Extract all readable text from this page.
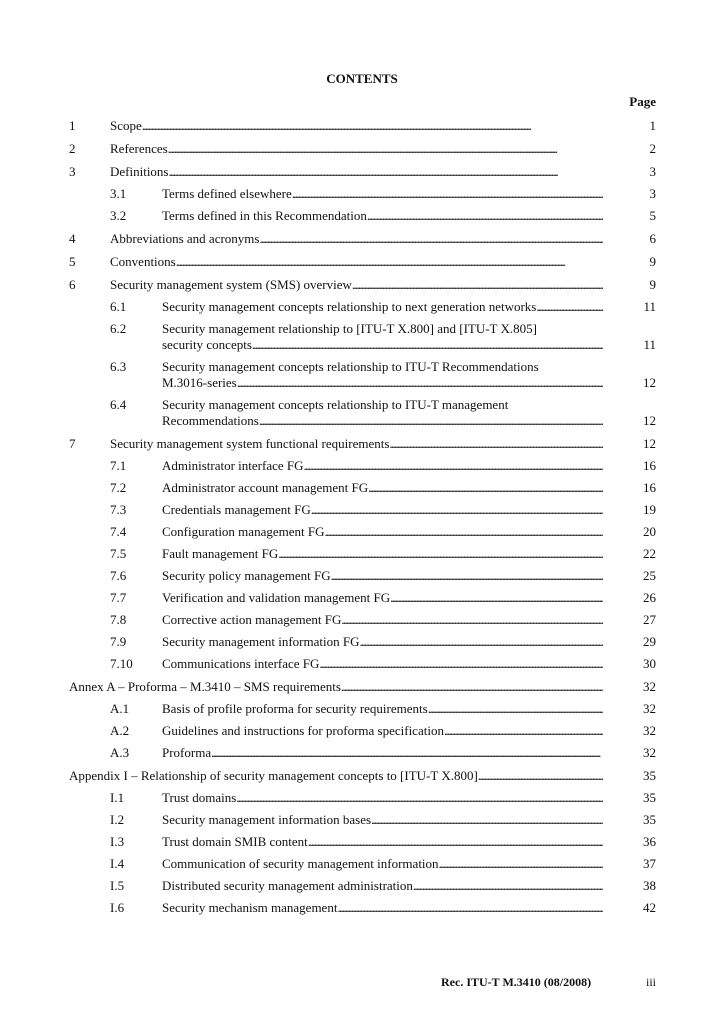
CONTENTS
Page
1	Scope . . .	1
2	References . . .	2
3	Definitions . . .	3
3.1	Terms defined elsewhere . . .	3
3.2	Terms defined in this Recommendation . . .	5
4	Abbreviations and acronyms . . .	6
5	Conventions . . .	9
6	Security management system (SMS) overview . . .	9
6.1	Security management concepts relationship to next generation networks . . .	11
6.2	Security management relationship to [ITU-T X.800] and [ITU-T X.805]
security concepts . . .	11
6.3	Security management concepts relationship to ITU-T Recommendations
M.3016-series . . .	12
6.4	Security management concepts relationship to ITU-T management
Recommendations . . .	12
7	Security management system functional requirements . . .	12
7.1	Administrator interface FG . . .	16
7.2	Administrator account management FG . . .	16
7.3	Credentials management FG . . .	19
7.4	Configuration management FG . . .	20
7.5	Fault management FG . . .	22
7.6	Security policy management FG . . .	25
7.7	Verification and validation management FG . . .	26
7.8	Corrective action management FG . . .	27
7.9	Security management information FG . . .	29
7.10 Communications interface FG . . .	30
Annex A – Proforma – M.3410 – SMS requirements . . .	32
A.1	Basis of profile proforma for security requirements . . .	32
A.2	Guidelines and instructions for proforma specification . . .	32
A.3	Proforma . . .	32
Appendix I – Relationship of security management concepts to [ITU-T X.800] . . .	35
I.1	Trust domains . . .	35
I.2	Security management information bases . . .	35
I.3	Trust domain SMIB content . . .	36
I.4	Communication of security management information . . .	37
I.5	Distributed security management administration . . .	38
I.6	Security mechanism management . . .	42
Rec. ITU-T M.3410 (08/2008)	iii
